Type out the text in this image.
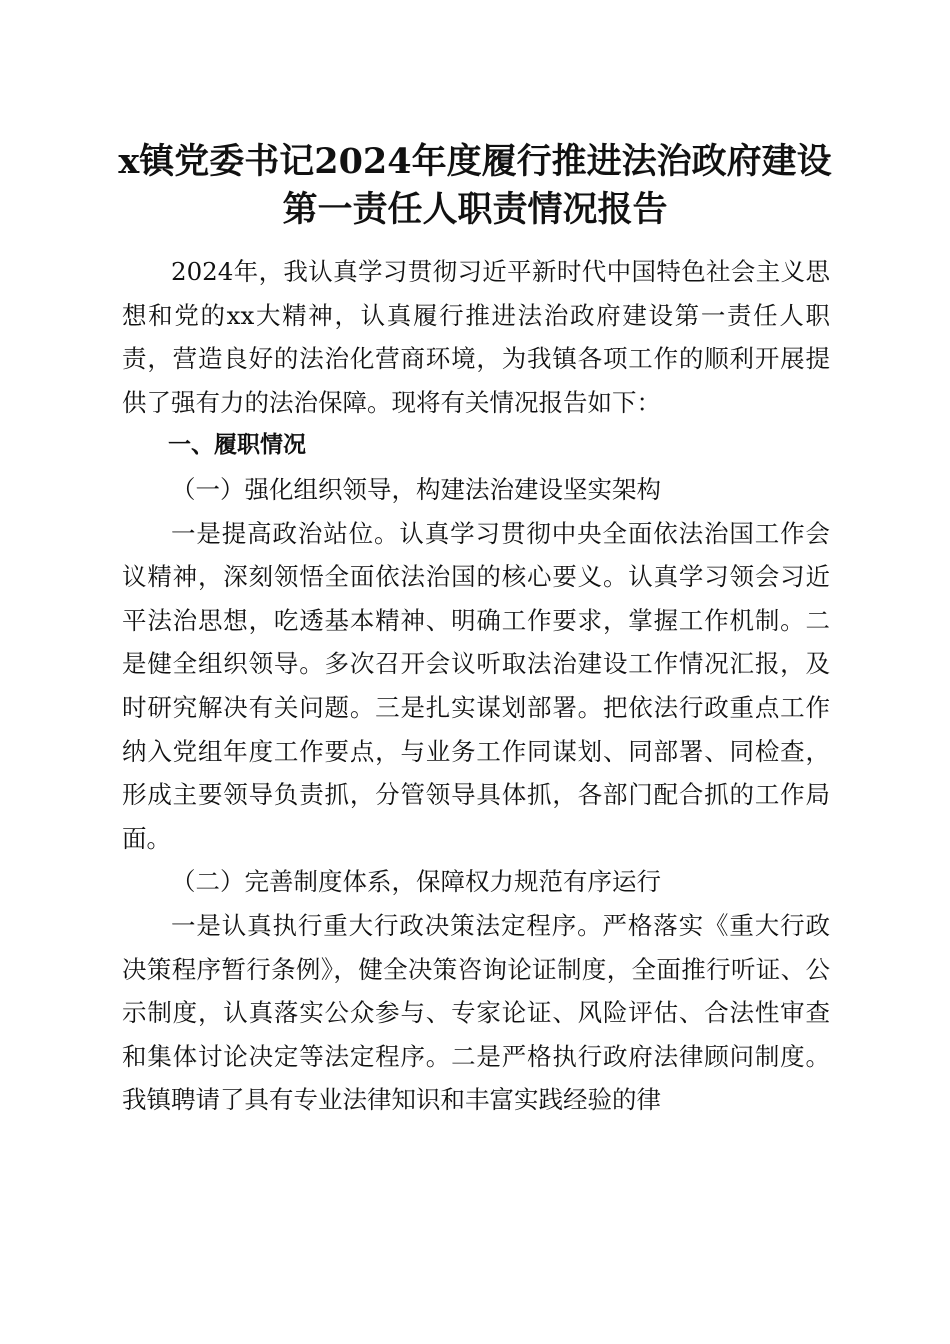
x镇党委书记2024年度履行推进法治政府建设
第一责任人职责情况报告

2024年，我认真学习贯彻习近平新时代中国特色社会主义思想和党的xx大精神，认真履行推进法治政府建设第一责任人职责，营造良好的法治化营商环境，为我镇各项工作的顺利开展提供了强有力的法治保障。现将有关情况报告如下：

一、履职情况
（一）强化组织领导，构建法治建设坚实架构

一是提高政治站位。认真学习贯彻中央全面依法治国工作会议精神，深刻领悟全面依法治国的核心要义。认真学习领会习近平法治思想，吃透基本精神、明确工作要求，掌握工作机制。二是健全组织领导。多次召开会议听取法治建设工作情况汇报，及时研究解决有关问题。三是扎实谋划部署。把依法行政重点工作纳入党组年度工作要点，与业务工作同谋划、同部署、同检查，形成主要领导负责抓，分管领导具体抓，各部门配合抓的工作局面。

（二）完善制度体系，保障权力规范有序运行

一是认真执行重大行政决策法定程序。严格落实《重大行政决策程序暂行条例》，健全决策咨询论证制度，全面推行听证、公示制度，认真落实公众参与、专家论证、风险评估、合法性审查和集体讨论决定等法定程序。二是严格执行政府法律顾问制度。我镇聘请了具有专业法律知识和丰富实践经验的律
